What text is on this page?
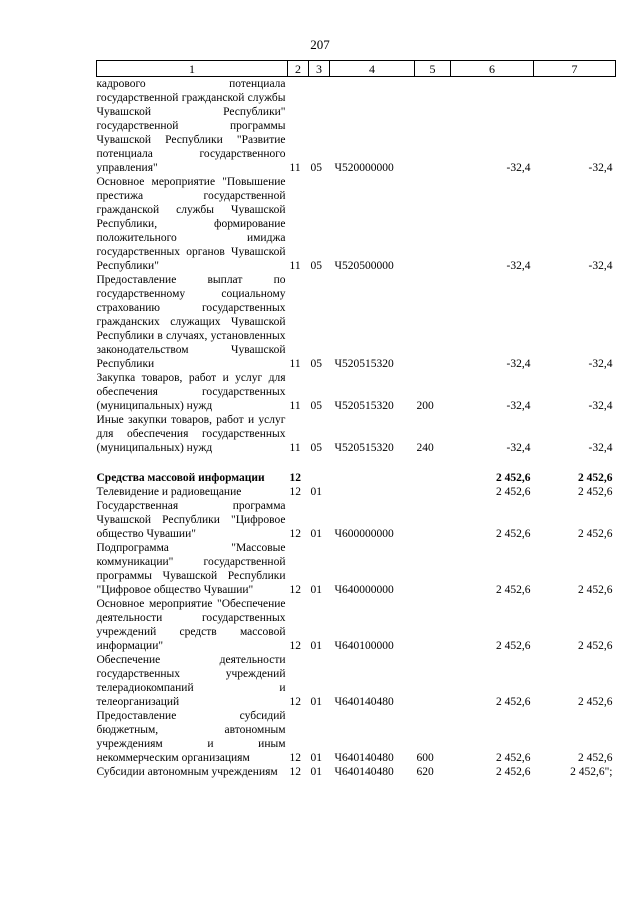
207
1	2	3	4	5	6	7
кадрового потенциала государственной гражданской службы Чувашской Республики" государственной программы Чувашской Республики "Развитие потенциала государственного управления"	11	05	Ч520000000		-32,4	-32,4
Основное мероприятие "Повышение престижа государственной гражданской службы Чувашской Республики, формирование положительного имиджа государственных органов Чувашской Республики"	11	05	Ч520500000		-32,4	-32,4
Предоставление выплат по государственному социальному страхованию государственных гражданских служащих Чувашской Республики в случаях, установленных законодательством Чувашской Республики	11	05	Ч520515320		-32,4	-32,4
Закупка товаров, работ и услуг для обеспечения государственных (муниципальных) нужд	11	05	Ч520515320	200	-32,4	-32,4
Иные закупки товаров, работ и услуг для обеспечения государственных (муниципальных) нужд	11	05	Ч520515320	240	-32,4	-32,4

Средства массовой информации	12				2 452,6	2 452,6
Телевидение и радиовещание	12	01			2 452,6	2 452,6
Государственная программа Чувашской Республики "Цифровое общество Чувашии"	12	01	Ч600000000		2 452,6	2 452,6
Подпрограмма "Массовые коммуникации" государственной программы Чувашской Республики "Цифровое общество Чувашии"	12	01	Ч640000000		2 452,6	2 452,6
Основное мероприятие "Обеспечение деятельности государственных учреждений средств массовой информации"	12	01	Ч640100000		2 452,6	2 452,6
Обеспечение деятельности государственных учреждений телерадиокомпаний и телеорганизаций	12	01	Ч640140480		2 452,6	2 452,6
Предоставление субсидий бюджетным, автономным учреждениям и иным некоммерческим организациям	12	01	Ч640140480	600	2 452,6	2 452,6
Субсидии автономным учреждениям	12	01	Ч640140480	620	2 452,6	2 452,6";
